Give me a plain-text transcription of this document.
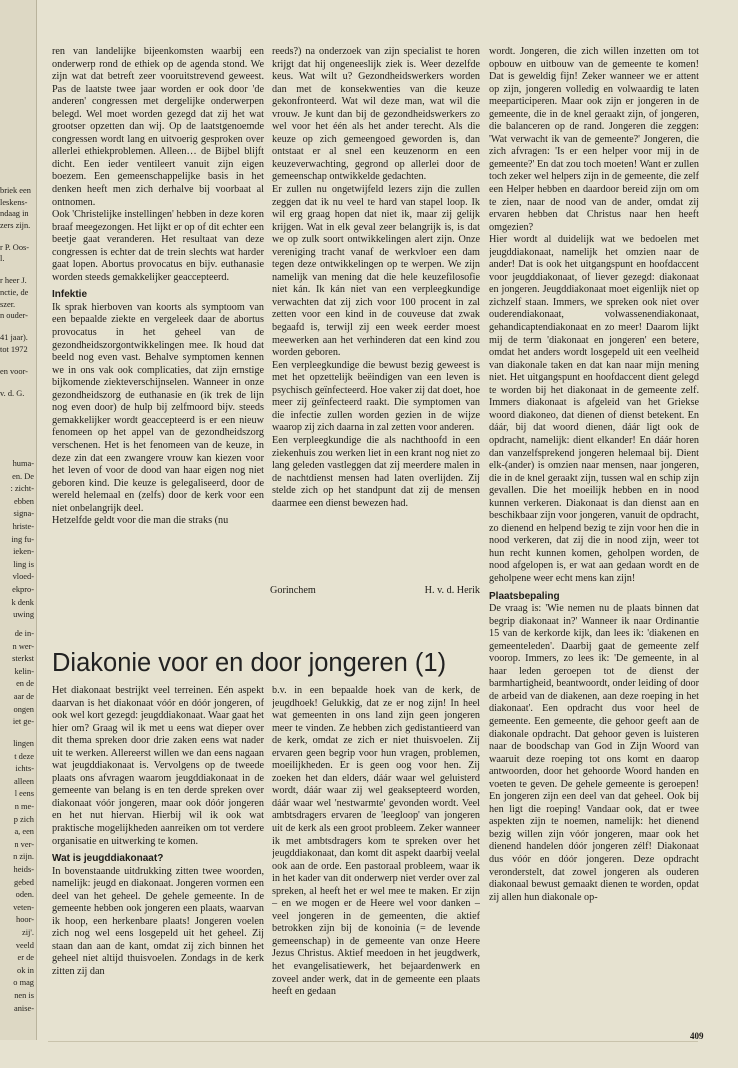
briek een
leskens-
ndaag in
zers zijn.
r P. Oos-
l.
r heer J.
nctie, de
szer.
n ouder-
41 jaar).
tot 1972
en voor-
v. d. G.
huma-
en. De
: zicht-
ebben
signa-
hriste-
ing fu-
ieken-
ling is
vloed-
ekpro-
k denk
uwing
de in-
n wer-
sterkst
kelin-
en de
aar de
ongen
iet ge-
lingen
t deze
ichts-
alleen
l eens
n me-
p zich
a, een
n ver-
n zijn.
heids-
gebed
oden.
veten-
hoor-
zij'.
veeld
er de
ok in
o mag
nen is
anise-

ren van landelijke bijeenkomsten waarbij een onderwerp rond de ethiek op de agenda stond. We zijn wat dat betreft zeer vooruitstrevend geweest. Pas de laatste twee jaar worden er ook door 'de anderen' congressen met dergelijke onderwerpen belegd. Wel moet worden gezegd dat zij het wat grootser opzetten dan wij. Op de laatstgenoemde congressen wordt lang en uitvoerig gesproken over allerlei ethiekproblemen. Alleen… de Bijbel blijft dicht. Een ieder ventileert vanuit zijn eigen boezem. Een gemeenschappelijke basis in het denken heeft men zich derhalve bij voorbaat al ontnomen.

Ook 'Christelijke instellingen' hebben in deze koren braaf meegezongen. Het lijkt er op of dit echter een beetje gaat veranderen. Het resultaat van deze congressen is echter dat de trein slechts wat harder gaat lopen. Abortus provocatus en bijv. euthanasie worden steeds gemakkelijker geaccepteerd.

Infektie

Ik sprak hierboven van koorts als symptoom van een bepaalde ziekte en vergeleek daar de abortus provocatus in het geheel van de gezondheidszorgontwikkelingen mee. Ik houd dat beeld nog even vast. Behalve symptomen kennen we in ons vak ook complicaties, dat zijn ernstige bijkomende ziekteverschijnselen. Wanneer in onze gezondheidszorg de euthanasie en (ik trek de lijn nog even door) de hulp bij zelfmoord bijv. steeds gemakkelijker wordt geaccepteerd is er een nieuw fenomeen op het appel van de gezondheidszorg verschenen. Het is het fenomeen van de keuze, in deze zin dat een zwangere vrouw kan kiezen voor het leven of voor de dood van haar eigen nog niet geboren kind. Die keuze is gelegaliseerd, door de wereld helemaal en (zelfs) door de kerk voor een niet onbelangrijk deel.

Hetzelfde geldt voor die man die straks (nu

reeds?) na onderzoek van zijn specialist te horen krijgt dat hij ongeneeslijk ziek is. Weer dezelfde keus. Wat wilt u? Gezondheidswerkers worden dan met de konsekwenties van die keuze gekonfronteerd. Wat wil deze man, wat wil die vrouw. Je kunt dan bij de gezondheidswerkers zo wel voor het één als het ander terecht. Als die keuze op zich gemeengoed geworden is, dan ontstaat er al snel een keuzenorm en een keuzeverwachting, gegrond op allerlei door de gemeenschap ontwikkelde gedachten.

Er zullen nu ongetwijfeld lezers zijn die zullen zeggen dat ik nu veel te hard van stapel loop. Ik wil erg graag hopen dat niet ik, maar zij gelijk krijgen. Wat in elk geval zeer belangrijk is, is dat we op zulk soort ontwikkelingen alert zijn. Onze vereniging tracht vanaf de werkvloer een dam tegen deze ontwikkelingen op te werpen. We zijn namelijk van mening dat die hele keuzefilosofie niet kán. Ik kán niet van een verpleegkundige verwachten dat zij zich voor 100 procent in zal zetten voor een kind in de couveuse dat zwak begaafd is, terwijl zij een week eerder moest meewerken aan het verhinderen dat een kind zou worden geboren.

Een verpleegkundige die bewust bezig geweest is met het opzettelijk beëindigen van een leven is psychisch geïnfecteerd. Hoe vaker zij dat doet, hoe meer zij geïnfecteerd raakt. Die symptomen van die infectie zullen worden gezien in de wijze waarop zij zich daarna in zal zetten voor anderen.

Een verpleegkundige die als nachthoofd in een ziekenhuis zou werken liet in een krant nog niet zo lang geleden vastleggen dat zij meerdere malen in de nachtdienst mensen had laten overlijden. Zij stelde zich op het standpunt dat zij de mensen daarmee een dienst bewezen had.

Gorinchem	H. v. d. Herik
Diakonie voor en door jongeren (1)

Het diakonaat bestrijkt veel terreinen. Eén aspekt daarvan is het diakonaat vóór en dóór jongeren, of ook wel kort gezegd: jeugddiakonaat. Waar gaat het hier om? Graag wil ik met u eens wat dieper over dit thema spreken door drie zaken eens wat nader uit te werken. Allereerst willen we dan eens nagaan wat jeugddiakonaat is. Vervolgens op de tweede plaats ons afvragen waarom jeugddiakonaat in de gemeente van belang is en ten derde spreken over diakonaat vóór jongeren, maar ook dóór jongeren en het nut hiervan. Hierbij wil ik ook wat praktische mogelijkheden aanreiken om tot verdere organisatie en uitwerking te komen.

Wat is jeugddiakonaat?

In bovenstaande uitdrukking zitten twee woorden, namelijk: jeugd en diakonaat. Jongeren vormen een deel van het geheel. De gehele gemeente. In de gemeente hebben ook jongeren een plaats, waarvan ik hoop, een herkenbare plaats! Jongeren voelen zich nog wel eens losgepeld uit het geheel. Zij staan dan aan de kant, omdat zij zich binnen het geheel niet altijd thuisvoelen. Zondags in de kerk zitten zij dan

b.v. in een bepaalde hoek van de kerk, de jeugdhoek! Gelukkig, dat ze er nog zijn! In heel wat gemeenten in ons land zijn geen jongeren meer te vinden. Ze hebben zich gedistantieerd van de kerk, omdat ze zich er niet thuisvoelen. Zij ervaren geen begrip voor hun vragen, problemen, moeilijkheden. Er is geen oog voor hen. Zij zoeken het dan elders, dáár waar wel geluisterd wordt, dáár waar zij wel geaksepteerd worden, dáár waar wel 'nestwarmte' gevonden wordt. Veel ambtsdragers ervaren de 'leegloop' van jongeren uit de kerk als een groot probleem. Zeker wanneer ik met ambtsdragers kom te spreken over het jeugddiakonaat, dan komt dit aspekt daarbij veelal ook aan de orde. Een pastoraal probleem, waar ik in het kader van dit onderwerp niet verder over zal spreken, al heeft het er wel mee te maken. Er zijn – en we mogen er de Heere wel voor danken – veel jongeren in de gemeenten, die aktief betrokken zijn bij de konoinia (= de levende gemeenschap) in de gemeente van onze Heere Jezus Christus. Aktief meedoen in het jeugdwerk, het evangelisatiewerk, het bejaardenwerk en zoveel ander werk, dat in de gemeente een plaats heeft en gedaan

wordt. Jongeren, die zich willen inzetten om tot opbouw en uitbouw van de gemeente te komen! Dat is geweldig fijn! Zeker wanneer we er attent op zijn, jongeren volledig en volwaardig te laten meeparticiperen. Maar ook zijn er jongeren in de gemeente, die in de knel geraakt zijn, of jongeren, die balanceren op de rand. Jongeren die zeggen: 'Wat verwacht ik van de gemeente?' Jongeren, die zich afvragen: 'Is er een helper voor mij in de gemeente?' En dat zou toch moeten! Want er zullen toch zeker wel helpers zijn in de gemeente, die zelf een Helper hebben en daardoor bereid zijn om om te zien, naar de nood van de ander, omdat zij ervaren hebben dat Christus naar hen heeft omgezien?

Hier wordt al duidelijk wat we bedoelen met jeugddiakonaat, namelijk het omzien naar de ander! Dat is ook het uitgangspunt en hoofdaccent voor jeugddiakonaat, of liever gezegd: diakonaat en jongeren. Jeugddiakonaat moet eigenlijk niet op zichzelf staan. Immers, we spreken ook niet over ouderendiakonaat, volwassenendiakonaat, gehandicaptendiakonaat en zo meer! Daarom lijkt mij de term 'diakonaat en jongeren' een betere, omdat het anders wordt losgepeld uit een veelheid van diakonale taken en dat kan naar mijn mening niet. Het uitgangspunt en hoofdaccent dient gelegd te worden bij het diakonaat in de gemeente zelf. Immers diakonaat is afgeleid van het Griekse woord diakoneo, dat dienen of dienst betekent. En dáár, bij dat woord dienen, dáár ligt ook de opdracht, namelijk: dient elkander! En dáár horen dan vanzelfsprekend jongeren helemaal bij. Dient elk-(ander) is omzien naar mensen, naar jongeren, die in de knel geraakt zijn, tussen wal en schip zijn gevallen. Die het moeilijk hebben en in nood kunnen verkeren. Diakonaat is dan dienst aan en beschikbaar zijn voor jongeren, vanuit de opdracht, zo dienend en helpend bezig te zijn voor hen die in nood verkeren, dat zij die in nood zijn, weer tot hun recht kunnen komen, geholpen worden, de nood afgelopen is, er wat aan gedaan wordt en de geholpene weer echt mens kan zijn!

Plaatsbepaling

De vraag is: 'Wie nemen nu de plaats binnen dat begrip diakonaat in?' Wanneer ik naar Ordinantie 15 van de kerkorde kijk, dan lees ik: 'diakenen en gemeenteleden'. Daarbij gaat de gemeente zelf voorop. Immers, zo lees ik: 'De gemeente, in al haar leden geroepen tot de dienst der barmhartigheid, beantwoordt, onder leiding of door de arbeid van de diakenen, aan deze roeping in het diakonaat'. Een opdracht dus voor heel de gemeente. Een gemeente, die gehoor geeft aan de diakonale opdracht. Dat gehoor geven is luisteren naar de boodschap van God in Zijn Woord van waaruit deze roeping tot ons komt en daarop antwoorden, door het gehoorde Woord handen en voeten te geven. De gehele gemeente is geroepen! En jongeren zijn een deel van dat geheel. Ook bij hen ligt die roeping! Vandaar ook, dat er twee aspekten zijn te noemen, namelijk: het dienend bezig willen zijn vóór jongeren, maar ook het dienend handelen dóór jongeren zélf! Diakonaat dus vóór en dóór jongeren. Deze opdracht veronderstelt, dat zowel jongeren als ouderen diakonaal bewust gemaakt dienen te worden, opdat zij allen hun diakonale op-

409
